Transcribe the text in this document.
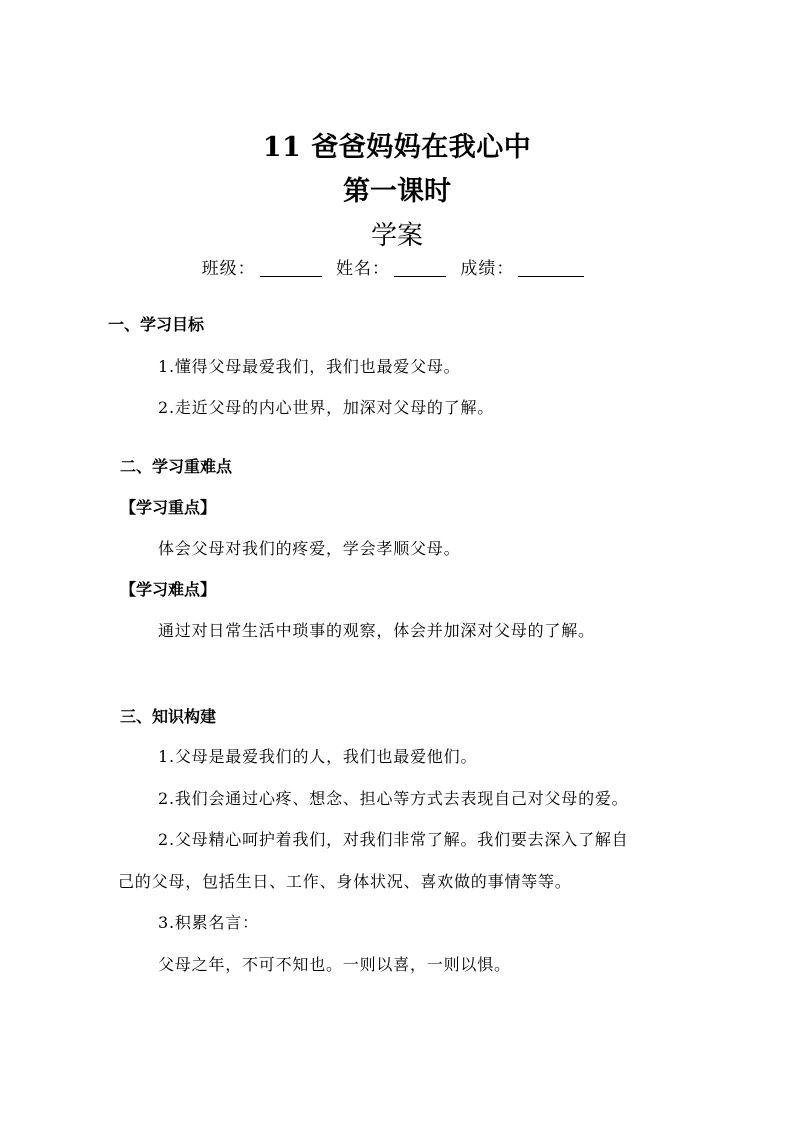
11 爸爸妈妈在我心中
第一课时
学案
班级：	姓名：	成绩：
一、学习目标
1.懂得父母最爱我们，我们也最爱父母。
2.走近父母的内心世界，加深对父母的了解。
二、学习重难点
【学习重点】
体会父母对我们的疼爱，学会孝顺父母。
【学习难点】
通过对日常生活中琐事的观察，体会并加深对父母的了解。
三、知识构建
1.父母是最爱我们的人，我们也最爱他们。
2.我们会通过心疼、想念、担心等方式去表现自己对父母的爱。
2.父母精心呵护着我们，对我们非常了解。我们要去深入了解自
己的父母，包括生日、工作、身体状况、喜欢做的事情等等。
3.积累名言：
父母之年，不可不知也。一则以喜，一则以惧。
